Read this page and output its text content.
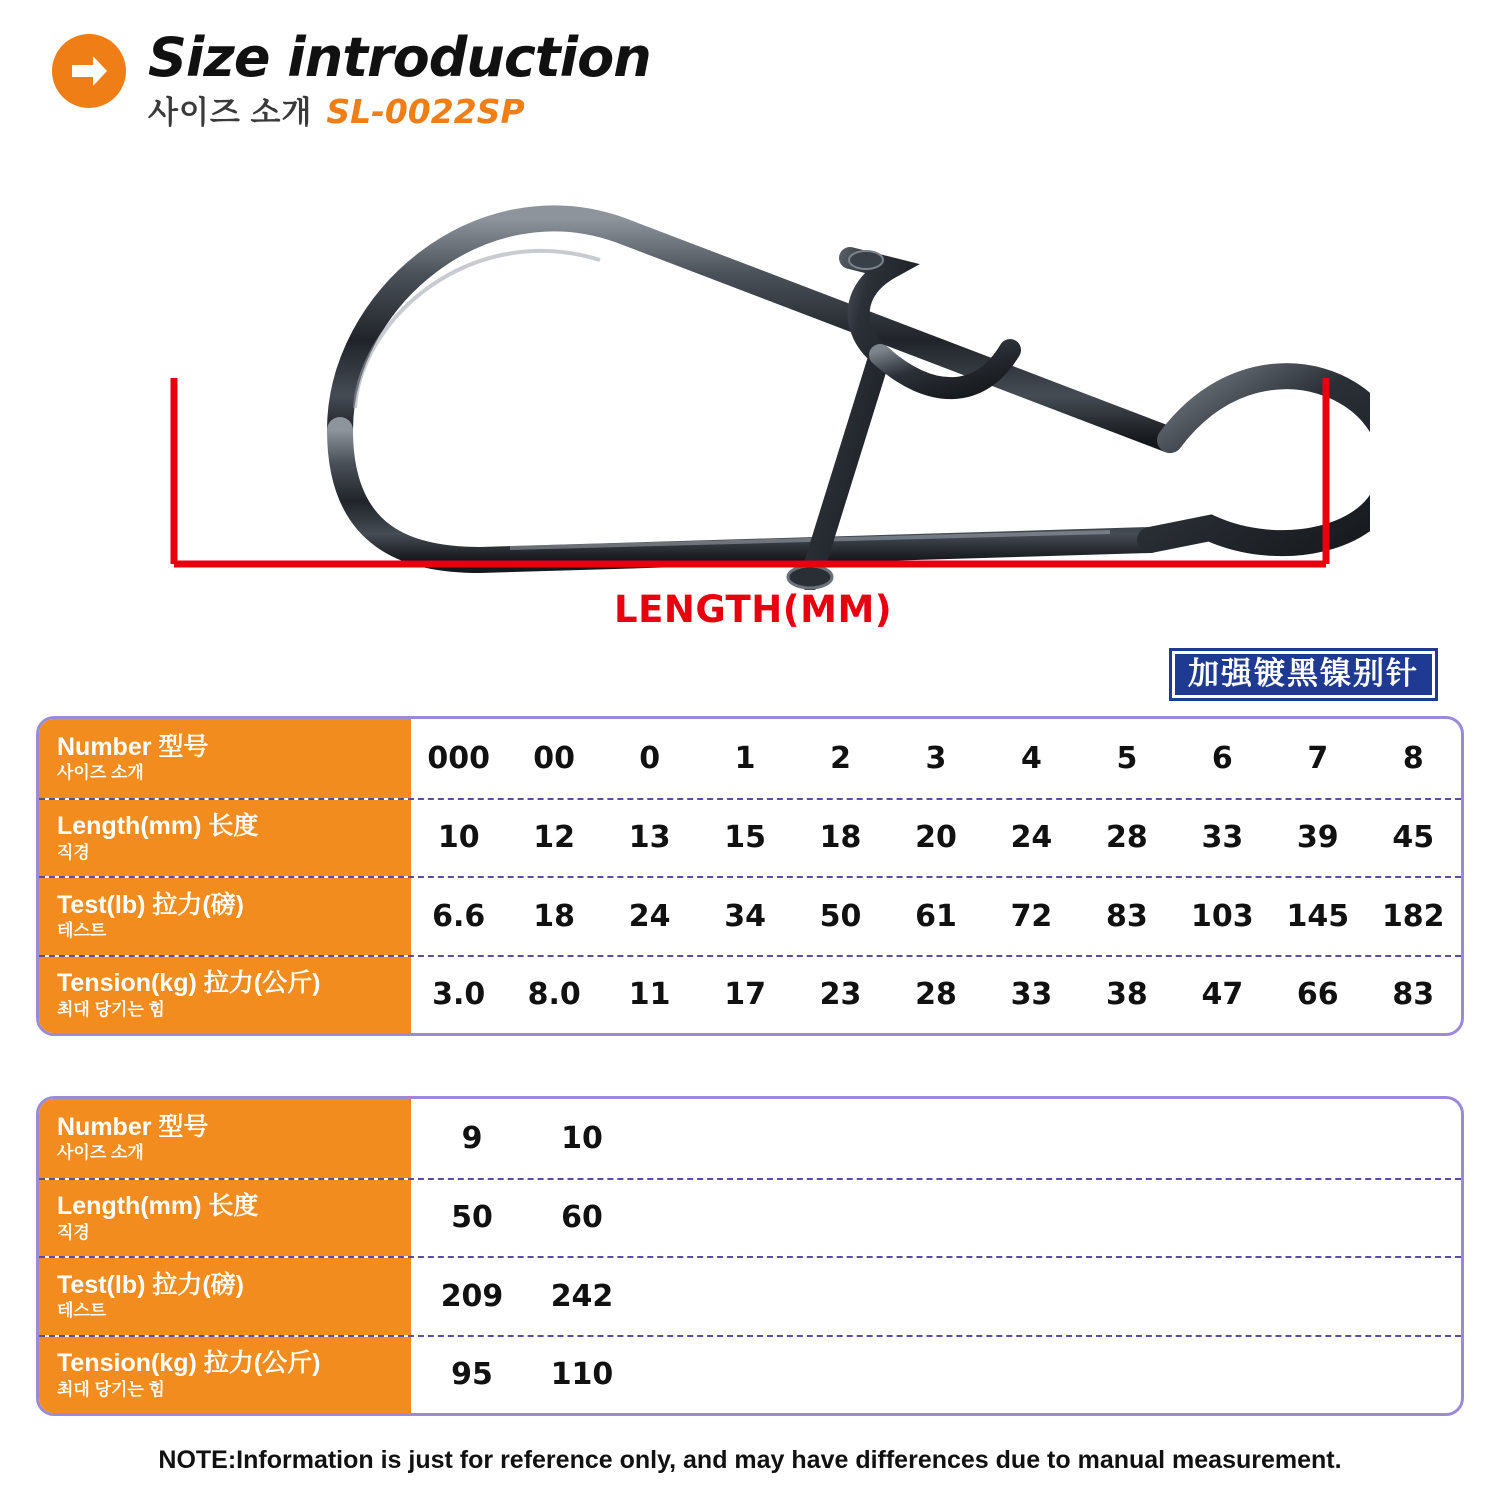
Size introduction
사이즈 소개 SL-0022SP
LENGTH(MM)
加强镀黑镍别针
Number 型号
사이즈 소개	000	00	0	1	2	3	4	5	6	7	8
Length(mm) 长度
직경	10	12	13	15	18	20	24	28	33	39	45
Test(lb) 拉力(磅)
테스트	6.6	18	24	34	50	61	72	83	103	145	182
Tension(kg) 拉力(公斤)
최대 당기는 힘	3.0	8.0	11	17	23	28	33	38	47	66	83
Number 型号
사이즈 소개	9	10
Length(mm) 长度
직경	50	60
Test(lb) 拉力(磅)
테스트	209	242
Tension(kg) 拉力(公斤)
최대 당기는 힘	95	110
NOTE:Information is just for reference only, and may have differences due to manual measurement.
